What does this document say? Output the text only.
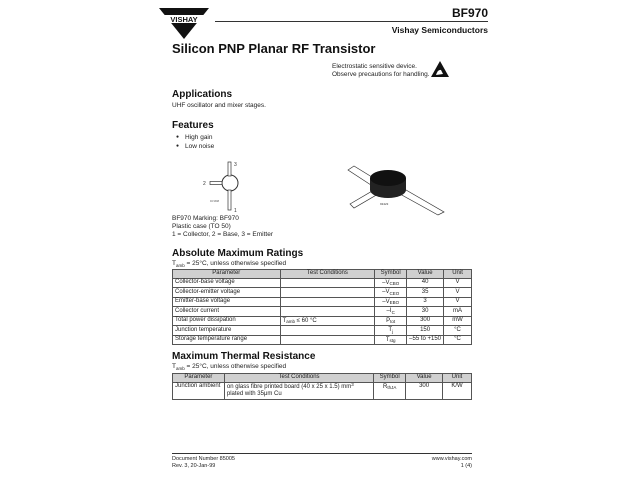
VISHAY	BF970
Vishay Semiconductors
Silicon PNP Planar RF Transistor
Electrostatic sensitive device.
Observe precautions for handling.
Applications
UHF oscillator and mixer stages.
Features
● High gain
● Low noise
3
2
1
94 9398
93423
BF970 Marking: BF970
Plastic case (TO 50)
1 = Collector, 2 = Base, 3 = Emitter
Absolute Maximum Ratings
$T_{amb} = 25^\circ C$, unless otherwise specified
Parameter	Test Conditions	Symbol	Value	Unit
Collector-base voltage		$-V_{CBO}$	40	V
Collector-emitter voltage		$-V_{CEO}$	35	V
Emitter-base voltage		$-V_{EBO}$	3	V
Collector current		$-I_C$	30	mA
Total power dissipation	$T_{amb} \le 60$ °C	$P_{tot}$	300	mW
Junction temperature		$T_j$	150	°C
Storage temperature range		$T_{stg}$	–55 to +150	°C
Maximum Thermal Resistance
$T_{amb} = 25^\circ C$, unless otherwise specified
Parameter	Test Conditions	Symbol	Value	Unit
Junction ambient	on glass fibre printed board (40 x 25 x 1.5) $mm^3$
plated with 35μm Cu	$R_{thJA}$	300	K/W
Document Number 85005
Rev. 3, 20-Jan-99
www.vishay.com
1 (4)
